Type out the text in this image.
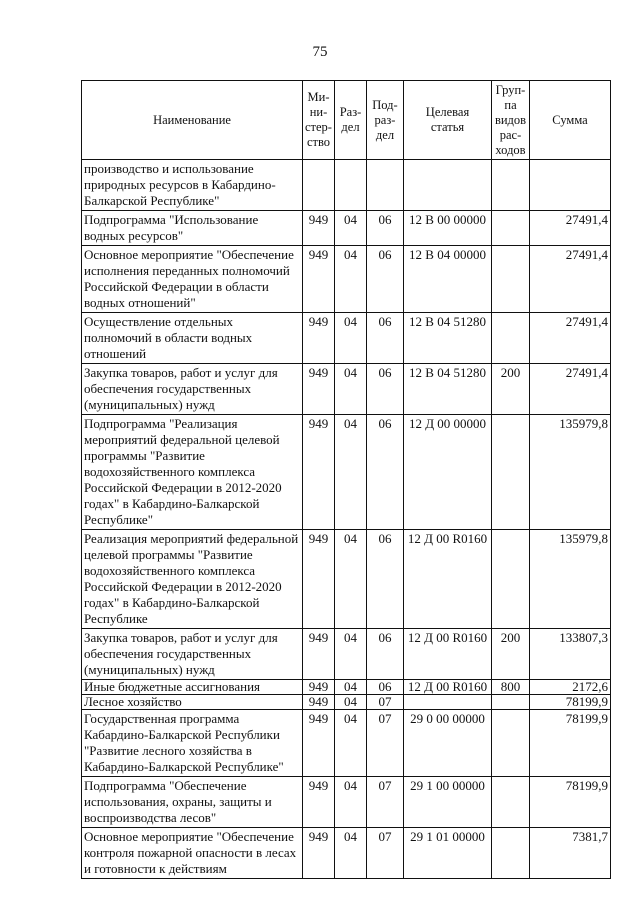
75
Наименование	Ми-
ни-
стер-
ство	Раз-
дел	Под-
раз-
дел	Целевая
статья	Груп-
па
видов
рас-
ходов	Сумма
производство и использование природных ресурсов в Кабардино-Балкарской Республике"						
Подпрограмма "Использование водных ресурсов"	949	04	06	12 В 00 00000		27491,4
Основное мероприятие "Обеспечение исполнения переданных полномочий Российской Федерации в области водных отношений"	949	04	06	12 В 04 00000		27491,4
Осуществление отдельных полномочий в области водных отношений	949	04	06	12 В 04 51280		27491,4
Закупка товаров, работ и услуг для обеспечения государственных (муниципальных) нужд	949	04	06	12 В 04 51280	200	27491,4
Подпрограмма "Реализация мероприятий федеральной целевой программы "Развитие водохозяйственного комплекса Российской Федерации в 2012-2020 годах" в Кабардино-Балкарской Республике"	949	04	06	12 Д 00 00000		135979,8
Реализация мероприятий федеральной целевой программы "Развитие водохозяйственного комплекса Российской Федерации в 2012-2020 годах" в Кабардино-Балкарской Республике	949	04	06	12 Д 00 R0160		135979,8
Закупка товаров, работ и услуг для обеспечения государственных (муниципальных) нужд	949	04	06	12 Д 00 R0160	200	133807,3
Иные бюджетные ассигнования	949	04	06	12 Д 00 R0160	800	2172,6
Лесное хозяйство	949	04	07			78199,9
Государственная программа Кабардино-Балкарской Республики "Развитие лесного хозяйства в Кабардино-Балкарской Республике"	949	04	07	29 0 00 00000		78199,9
Подпрограмма "Обеспечение использования, охраны, защиты и воспроизводства лесов"	949	04	07	29 1 00 00000		78199,9
Основное мероприятие "Обеспечение контроля пожарной опасности в лесах и готовности к действиям	949	04	07	29 1 01 00000		7381,7
